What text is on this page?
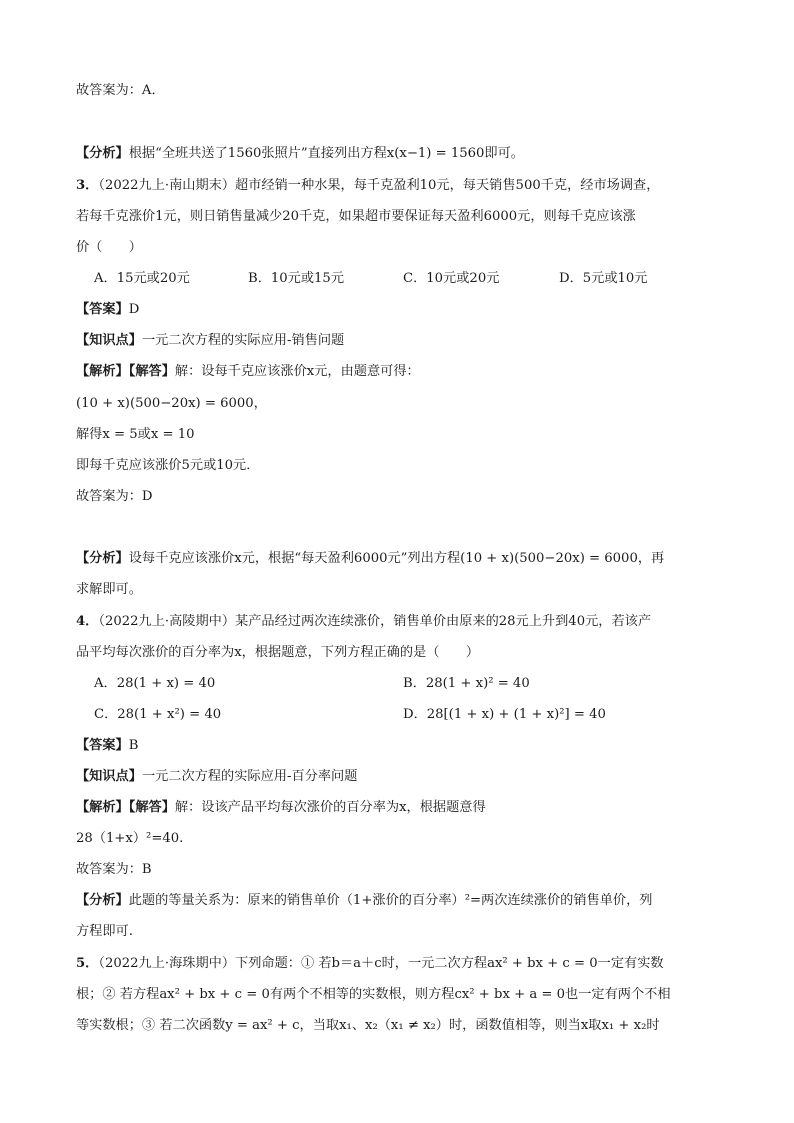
故答案为：A．
【分析】根据“全班共送了1560张照片”直接列出方程x(x−1) = 1560即可。
3．（2022九上·南山期末）超市经销一种水果，每千克盈利10元，每天销售500千克，经市场调查，
若每千克涨价1元，则日销售量减少20千克，如果超市要保证每天盈利6000元，则每千克应该涨
价（　　）
A．15元或20元	B．10元或15元	C．10元或20元	D．5元或10元
【答案】D
【知识点】一元二次方程的实际应用-销售问题
【解析】【解答】解：设每千克应该涨价x元，由题意可得：
(10 + x)(500−20x) = 6000，
解得x = 5或x = 10
即每千克应该涨价5元或10元．
故答案为：D
【分析】设每千克应该涨价x元，根据“每天盈利6000元”列出方程(10 + x)(500−20x) = 6000，再
求解即可。
4．（2022九上·高陵期中）某产品经过两次连续涨价，销售单价由原来的28元上升到40元，若该产
品平均每次涨价的百分率为x，根据题意，下列方程正确的是（　　）
A．28(1 + x) = 40	B．28(1 + x)² = 40
C．28(1 + x²) = 40	D．28[(1 + x) + (1 + x)²] = 40
【答案】B
【知识点】一元二次方程的实际应用-百分率问题
【解析】【解答】解：设该产品平均每次涨价的百分率为x，根据题意得
28（1+x）²=40.
故答案为：B
【分析】此题的等量关系为：原来的销售单价（1+涨价的百分率）²=两次连续涨价的销售单价，列
方程即可.
5．（2022九上·海珠期中）下列命题：① 若b＝a＋c时，一元二次方程ax² + bx + c = 0一定有实数
根；② 若方程ax² + bx + c = 0有两个不相等的实数根，则方程cx² + bx + a = 0也一定有两个不相
等实数根；③ 若二次函数y = ax² + c，当取x₁、x₂（x₁ ≠ x₂）时，函数值相等，则当x取x₁ + x₂时
